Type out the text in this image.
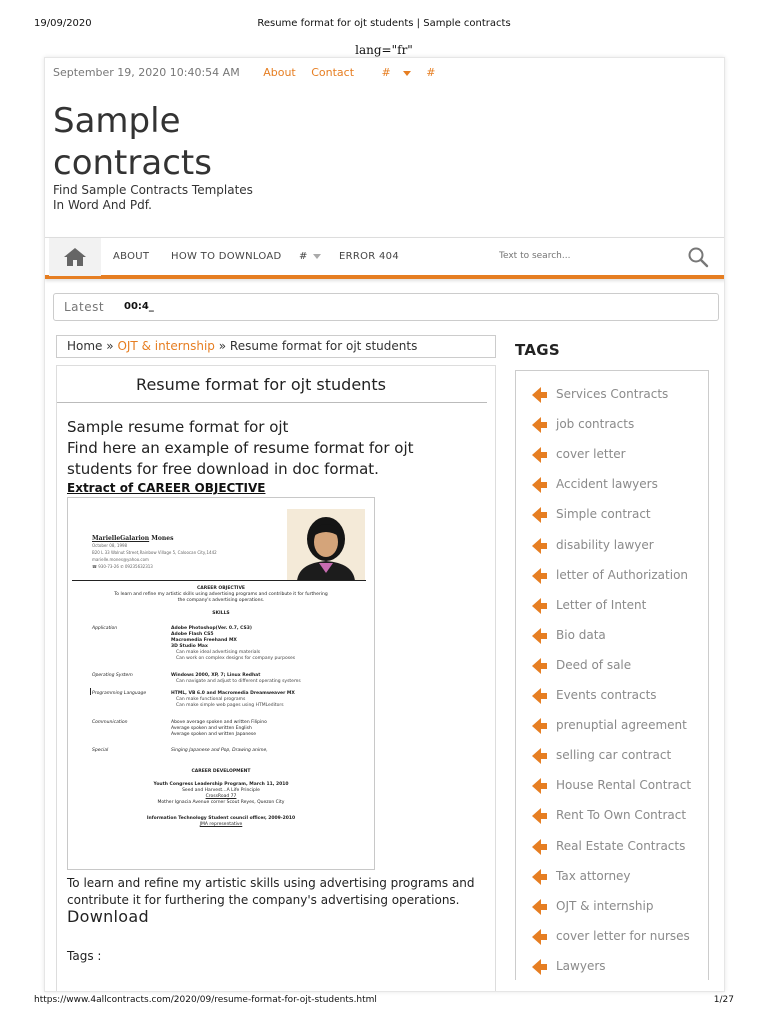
19/09/2020	Resume format for ojt students | Sample contracts
lang="fr"
September 19, 2020 10:40:54 AM About Contact	#	#
Sample
contracts
Find Sample Contracts Templates
In Word And Pdf.
ABOUT HOW TO DOWNLOAD #	ERROR 404
Text to search...
Latest 00:4_
Home » OJT & internship » Resume format for ojt students
Resume format for ojt students
Sample resume format for ojt
Find here an example of resume format for ojt
students for free download in doc format.
Extract of CAREER OBJECTIVE
MarielleGalarion Mones
October 08, 1998
B20 L 33 Walnut Street,Rainbow Village 5, Caloocan City,1442
marielle.mones@yahoo.com
☎ 930-73-26 ✆ 09235632313
CAREER OBJECTIVE
To learn and refine my artistic skills using advertising programs and contribute it for furthering
the company's advertising operations.
SKILLS
Application	Adobe Photoshop(Ver. 0.7, CS3)
Adobe Flash CS5
Macromedia Freehand MX
3D Studio Max
Can make ideal advertising materials
Can work on complex designs for company purposes
Operating System	Windows 2000, XP, 7; Linux Redhat
Can navigate and adjust to different operating systems
Programming Language	HTML, VB 6.0 and Macromedia Dreamweaver MX
Can make functional programs
Can make simple web pages using HTMLeditors
Communication	Above average spoken and written Filipino
Average spoken and written English
Average spoken and written Japanese
Special	Singing Japanese and Pop, Drawing anime,
CAREER DEVELOPMENT
Youth Congress Leadership Program, March 11, 2010
Seed and Harvest…A Life Principle
CrossRoad 77
Mother Ignacia Avenue corner Scout Reyes, Quezon City
Information Technology Student council officer, 2009-2010
JMA representative
To learn and refine my artistic skills using advertising programs and
contribute it for furthering the company's advertising operations.
Download
Tags :
TAGS
Services Contracts
job contracts
cover letter
Accident lawyers
Simple contract
disability lawyer
letter of Authorization
Letter of Intent
Bio data
Deed of sale
Events contracts
prenuptial agreement
selling car contract
House Rental Contract
Rent To Own Contract
Real Estate Contracts
Tax attorney
OJT & internship
cover letter for nurses
Lawyers
https://www.4allcontracts.com/2020/09/resume-format-for-ojt-students.html	1/27
